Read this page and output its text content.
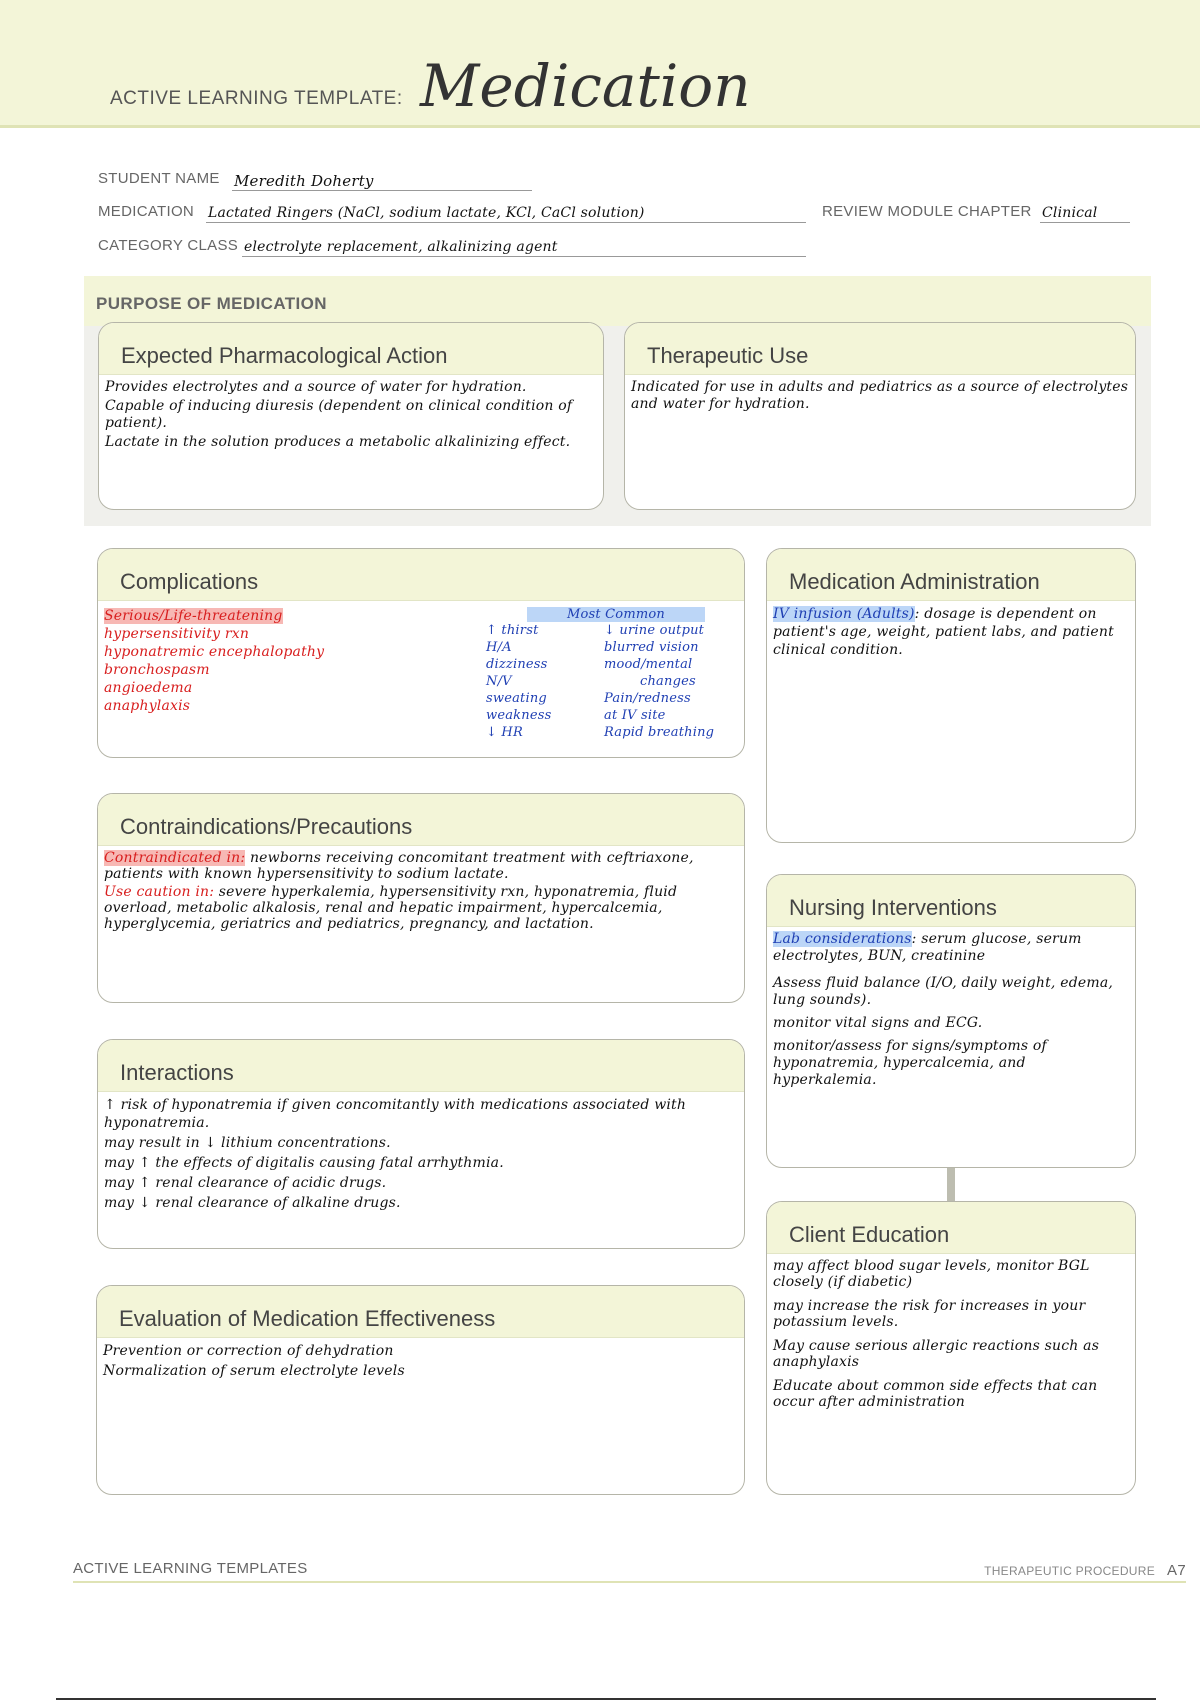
ACTIVE LEARNING TEMPLATE: Medication
STUDENT NAME Meredith Doherty
MEDICATION Lactated Ringers (NaCl, sodium lactate, KCl, CaCl solution)	REVIEW MODULE CHAPTER Clinical
CATEGORY CLASS electrolyte replacement, alkalinizing agent
PURPOSE OF MEDICATION
Expected Pharmacological Action

Provides electrolytes and a source of water for hydration.

Capable of inducing diuresis (dependent on clinical condition of patient).

Lactate in the solution produces a metabolic alkalinizing effect.

Therapeutic Use

Indicated for use in adults and pediatrics as a source of electrolytes and water for hydration.

Complications
Serious/Life-threatening
hypersensitivity rxn
hyponatremic encephalopathy
bronchospasm
angioedema
anaphylaxis
Most Common
↑ thirst	↓ urine output
H/A	blurred vision
dizziness	mood/mental
N/V	changes
sweating	Pain/redness
weakness	at IV site
↓ HR	Rapid breathing
Contraindications/Precautions

Contraindicated in: newborns receiving concomitant treatment with ceftriaxone, patients with known hypersensitivity to sodium lactate.

Use caution in: severe hyperkalemia, hypersensitivity rxn, hyponatremia, fluid overload, metabolic alkalosis, renal and hepatic impairment, hypercalcemia, hyperglycemia, geriatrics and pediatrics, pregnancy, and lactation.

Interactions

↑ risk of hyponatremia if given concomitantly with medications associated with hyponatremia.

may result in ↓ lithium concentrations.

may ↑ the effects of digitalis causing fatal arrhythmia.

may ↑ renal clearance of acidic drugs.

may ↓ renal clearance of alkaline drugs.

Evaluation of Medication Effectiveness

Prevention or correction of dehydration

Normalization of serum electrolyte levels

Medication Administration

IV infusion (Adults): dosage is dependent on patient's age, weight, patient labs, and patient clinical condition.

Nursing Interventions

Lab considerations: serum glucose, serum electrolytes, BUN, creatinine

Assess fluid balance (I/O, daily weight, edema, lung sounds).

monitor vital signs and ECG.

monitor/assess for signs/symptoms of hyponatremia, hypercalcemia, and hyperkalemia.

Client Education

may affect blood sugar levels, monitor BGL closely (if diabetic)

may increase the risk for increases in your potassium levels.

May cause serious allergic reactions such as anaphylaxis

Educate about common side effects that can occur after administration

ACTIVE LEARNING TEMPLATES	THERAPEUTIC PROCEDURE A7
